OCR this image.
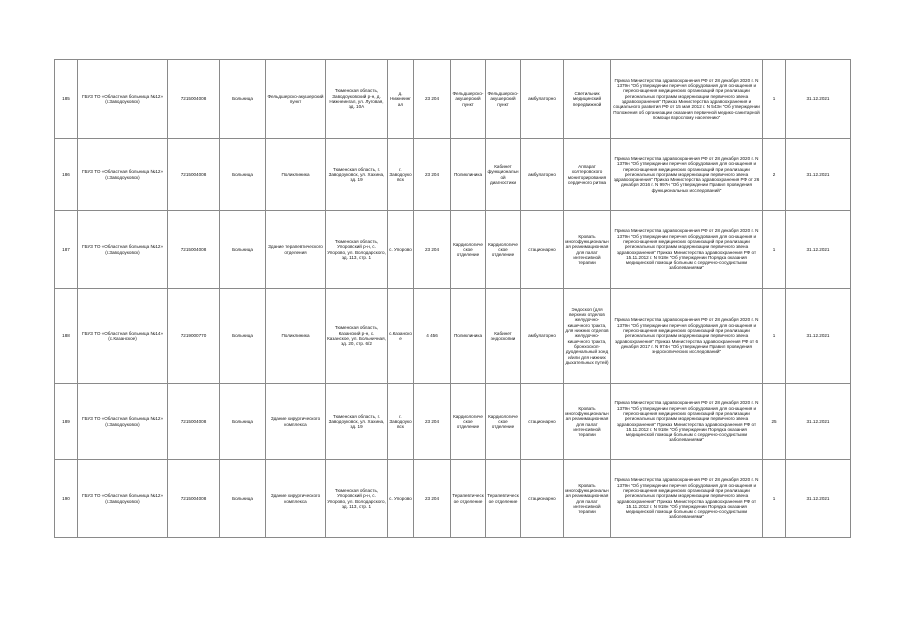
185	ГБУЗ ТО «Областная больница №12» (г.Заводоуковск)	7215004008	Больница	Фельдшерско-акушерский пункт	Тюменская область, Заводоуковский р-н, д. Нижнеингал, ул. Луговая, зд. 10А	д. Нижнеингал	23 204	Фельдшерско-акушерский пункт	Фельдшерско-акушерский пункт	амбулаторно	Светильник медицинский передвижной	Приказ Министерства здравоохранения РФ от 28 декабря 2020 г. N 1379н "Об утверждении перечня оборудования для оснащения и переоснащения медицинских организаций при реализации региональных программ модернизации первичного звена здравоохранения" Приказ Министерства здравоохранения и социального развития РФ от 15 мая 2012 г. N 543н "Об утверждении Положения об организации оказания первичной медико-санитарной помощи взрослому населению"	1	31.12.2021
186	ГБУЗ ТО «Областная больница №12» (г.Заводоуковск)	7215004008	Больница	Поликлиника	Тюменская область, г. Заводоуковск, ул. Хахина, зд. 19	г. Заводоуковск	23 204	Поликлиника	Кабинет функциональной диагностики	амбулаторно	Аппарат холтеровского мониторирования сердечного ритма	Приказ Министерства здравоохранения РФ от 28 декабря 2020 г. N 1379н "Об утверждении перечня оборудования для оснащения и переоснащения медицинских организаций при реализации региональных программ модернизации первичного звена здравоохранения" Приказ Министерства здравоохранения РФ от 26 декабря 2016 г. N 997н "Об утверждении Правил проведения функциональных исследований"	2	31.12.2021
187	ГБУЗ ТО «Областная больница №12» (г.Заводоуковск)	7215004008	Больница	Здание терапевтического отделения	Тюменская область, Упоровский р-н, с. Упорово, ул. Володарского, зд. 113, стр. 1	с. Упорово	23 204	Кардиологическое отделение	Кардиологическое отделение	стационарно	Кровать многофункциональная реанимационная для палат интенсивной терапии	Приказ Министерства здравоохранения РФ от 28 декабря 2020 г. N 1379н "Об утверждении перечня оборудования для оснащения и переоснащения медицинских организаций при реализации региональных программ модернизации первичного звена здравоохранения" Приказ Министерства здравоохранения РФ от 15.11.2012 г. N 918н "Об утверждении Порядка оказания медицинской помощи больным с сердечно-сосудистыми заболеваниями"	1	31.12.2021
188	ГБУЗ ТО «Областная больница №14» (с.Казанское)	7219000770	Больница	Поликлиника	Тюменская область, Казанский р-н, с. Казанское, ул. Больничная, зд. 20, стр. 6/2	с.Казанское	4 456	Поликлиника	Кабинет эндоскопии	амбулаторно	Эндоскоп (для верхних отделов желудочно-кишечного тракта, для нижних отделов желудочно-кишечного тракта, бронхоскоп-дуоденальный зонд и/или для нижних дыхательных путей)	Приказ Министерства здравоохранения РФ от 28 декабря 2020 г. N 1379н "Об утверждении перечня оборудования для оснащения и переоснащения медицинских организаций при реализации региональных программ модернизации первичного звена здравоохранения" Приказ Министерства здравоохранения РФ от 6 декабря 2017 г. N 974н "Об утверждении Правил проведения эндоскопических исследований"	1	31.12.2021
189	ГБУЗ ТО «Областная больница №12» (г.Заводоуковск)	7215004008	Больница	Здание хирургического комплекса	Тюменская область, г. Заводоуковск, ул. Хахина, зд. 19	г. Заводоуковск	23 204	Кардиологическое отделение	Кардиологическое отделение	стационарно	Кровать многофункциональная реанимационная для палат интенсивной терапии	Приказ Министерства здравоохранения РФ от 28 декабря 2020 г. N 1379н "Об утверждении перечня оборудования для оснащения и переоснащения медицинских организаций при реализации региональных программ модернизации первичного звена здравоохранения" Приказ Министерства здравоохранения РФ от 15.11.2012 г. N 918н "Об утверждении Порядка оказания медицинской помощи больным с сердечно-сосудистыми заболеваниями"	25	31.12.2021
190	ГБУЗ ТО «Областная больница №12» (г.Заводоуковск)	7215004008	Больница	Здание хирургического комплекса	Тюменская область, Упоровский р-н, с. Упорово, ул. Володарского, зд. 113, стр. 1	с. Упорово	23 204	Терапевтическое отделение	Терапевтическое отделение	стационарно	Кровать многофункциональная реанимационная для палат интенсивной терапии	Приказ Министерства здравоохранения РФ от 28 декабря 2020 г. N 1379н "Об утверждении перечня оборудования для оснащения и переоснащения медицинских организаций при реализации региональных программ модернизации первичного звена здравоохранения" Приказ Министерства здравоохранения РФ от 15.11.2012 г. N 918н "Об утверждении Порядка оказания медицинской помощи больным с сердечно-сосудистыми заболеваниями"	1	31.12.2021
